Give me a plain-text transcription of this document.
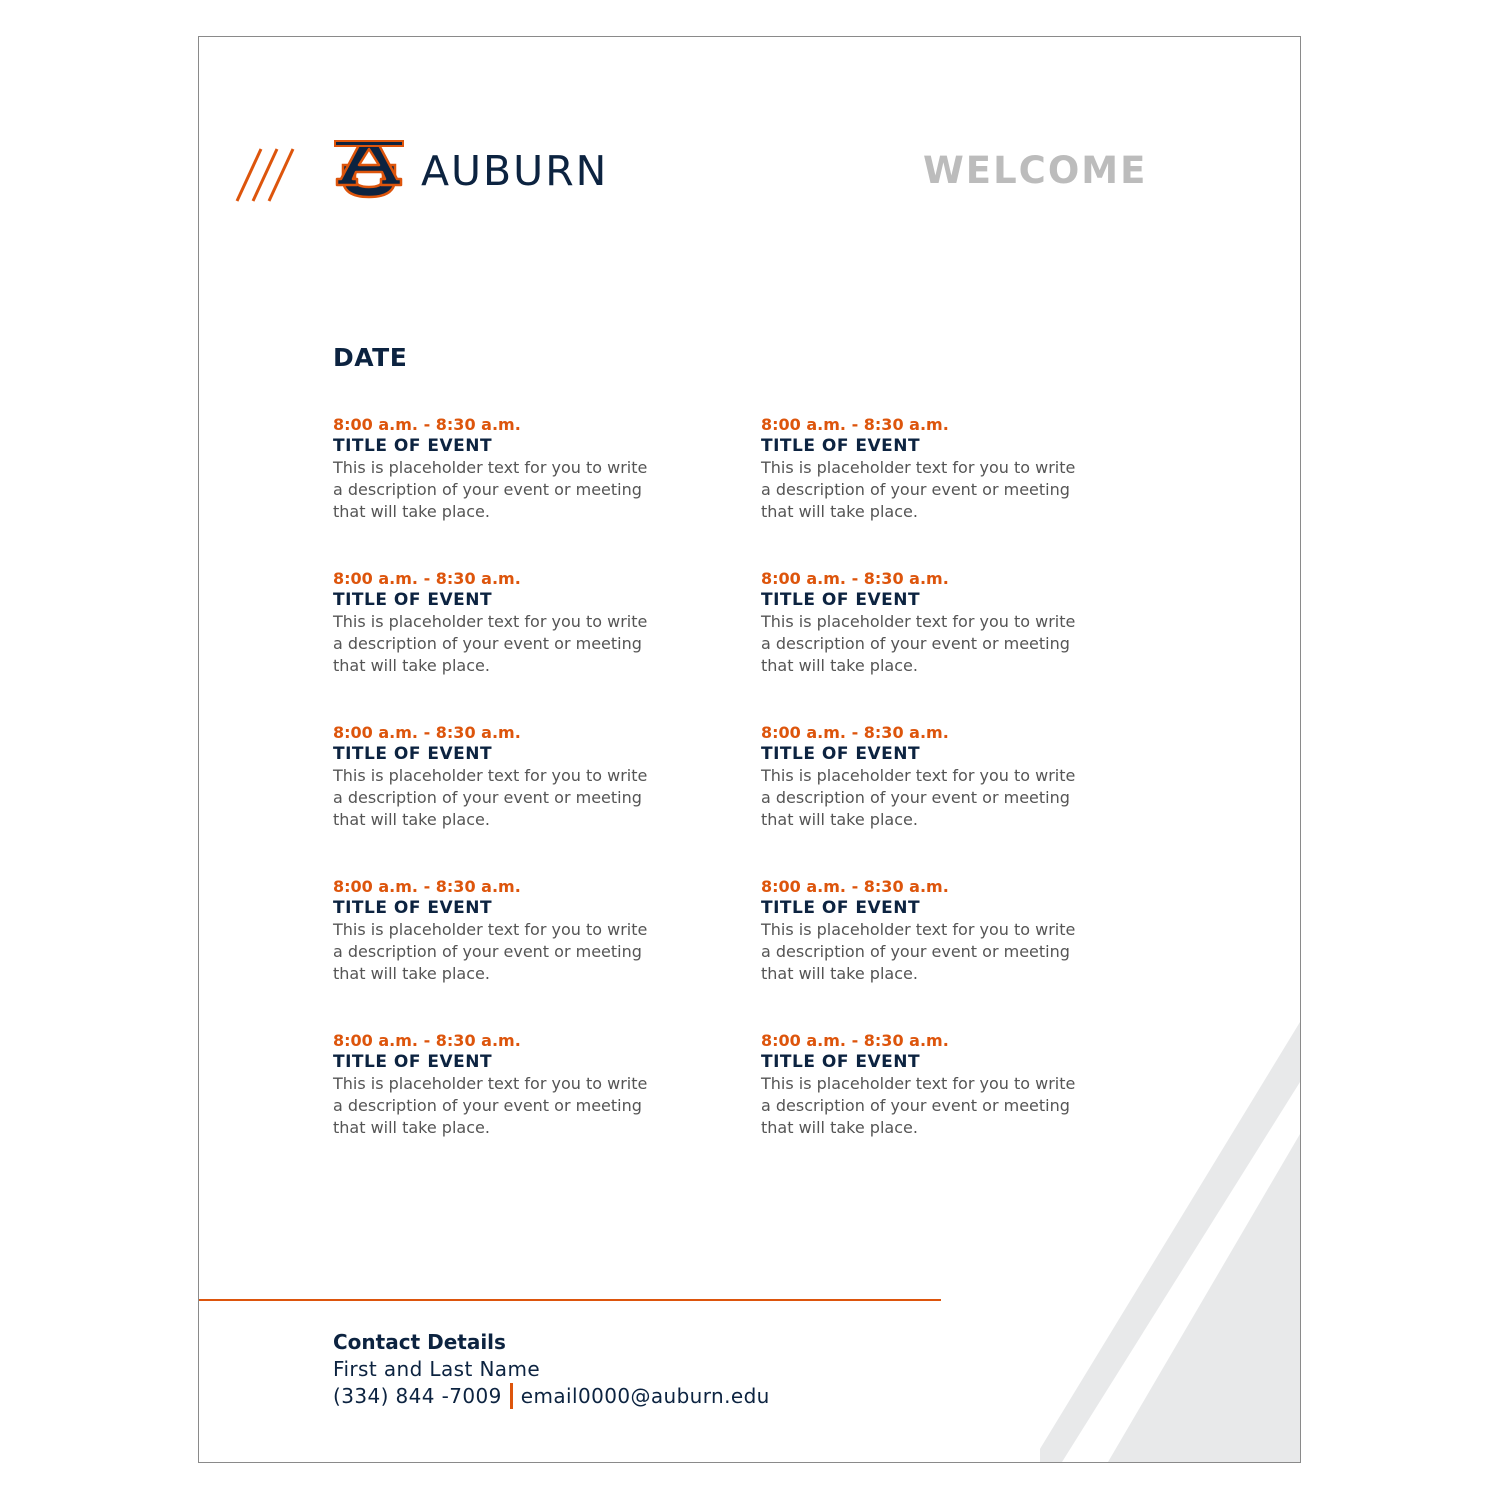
AUBURN	WELCOME
DATE
8:00 a.m. - 8:30 a.m.
TITLE OF EVENT
This is placeholder text for you to write a description of your event or meeting that will take place.
8:00 a.m. - 8:30 a.m.
TITLE OF EVENT
This is placeholder text for you to write a description of your event or meeting that will take place.
8:00 a.m. - 8:30 a.m.
TITLE OF EVENT
This is placeholder text for you to write a description of your event or meeting that will take place.
8:00 a.m. - 8:30 a.m.
TITLE OF EVENT
This is placeholder text for you to write a description of your event or meeting that will take place.
8:00 a.m. - 8:30 a.m.
TITLE OF EVENT
This is placeholder text for you to write a description of your event or meeting that will take place.
8:00 a.m. - 8:30 a.m.
TITLE OF EVENT
This is placeholder text for you to write a description of your event or meeting that will take place.
8:00 a.m. - 8:30 a.m.
TITLE OF EVENT
This is placeholder text for you to write a description of your event or meeting that will take place.
8:00 a.m. - 8:30 a.m.
TITLE OF EVENT
This is placeholder text for you to write a description of your event or meeting that will take place.
8:00 a.m. - 8:30 a.m.
TITLE OF EVENT
This is placeholder text for you to write a description of your event or meeting that will take place.
8:00 a.m. - 8:30 a.m.
TITLE OF EVENT
This is placeholder text for you to write a description of your event or meeting that will take place.
Contact Details
First and Last Name
(334) 844 -7009 email0000@auburn.edu
